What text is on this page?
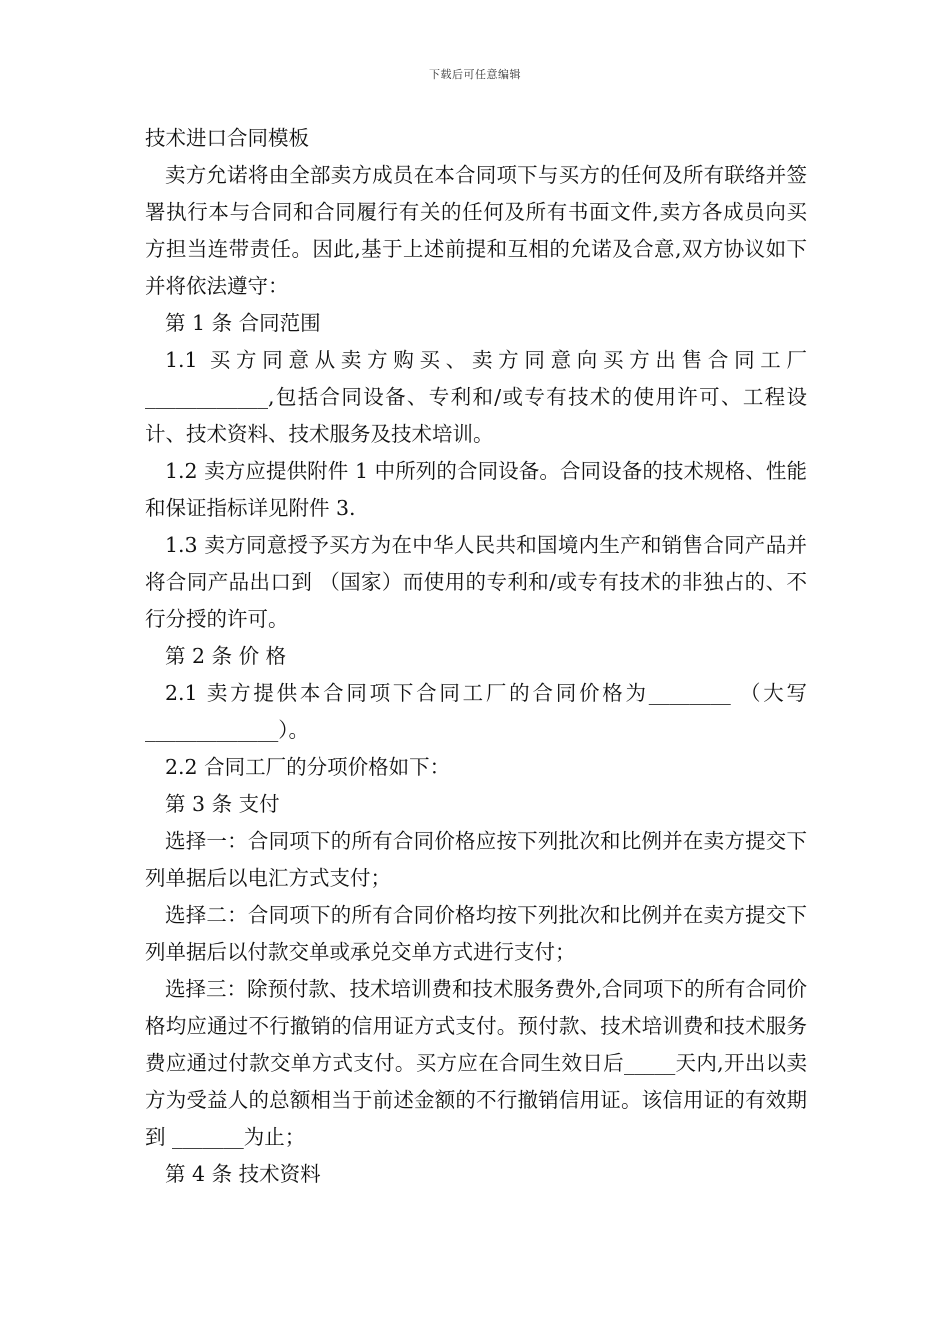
下载后可任意编辑

技术进口合同模板

卖方允诺将由全部卖方成员在本合同项下与买方的任何及所有联络并签署执行本与合同和合同履行有关的任何及所有书面文件,卖方各成员向买方担当连带责任。因此,基于上述前提和互相的允诺及合意,双方协议如下并将依法遵守：

第 1 条 合同范围

1.1 买方同意从卖方购买、卖方同意向买方出售合同工厂 ____________,包括合同设备、专利和/或专有技术的使用许可、工程设计、技术资料、技术服务及技术培训。

1.2 卖方应提供附件 1 中所列的合同设备。合同设备的技术规格、性能和保证指标详见附件 3.

1.3 卖方同意授予买方为在中华人民共和国境内生产和销售合同产品并将合同产品出口到 （国家）而使用的专利和/或专有技术的非独占的、不行分授的许可。

第 2 条 价 格

2.1 卖方提供本合同项下合同工厂的合同价格为________ （大写_____________）。

2.2 合同工厂的分项价格如下：

第 3 条 支付

选择一：合同项下的所有合同价格应按下列批次和比例并在卖方提交下列单据后以电汇方式支付；

选择二：合同项下的所有合同价格均按下列批次和比例并在卖方提交下列单据后以付款交单或承兑交单方式进行支付；

选择三：除预付款、技术培训费和技术服务费外,合同项下的所有合同价格均应通过不行撤销的信用证方式支付。预付款、技术培训费和技术服务费应通过付款交单方式支付。买方应在合同生效日后_____天内,开出以卖方为受益人的总额相当于前述金额的不行撤销信用证。该信用证的有效期到 _______为止；

第 4 条 技术资料
